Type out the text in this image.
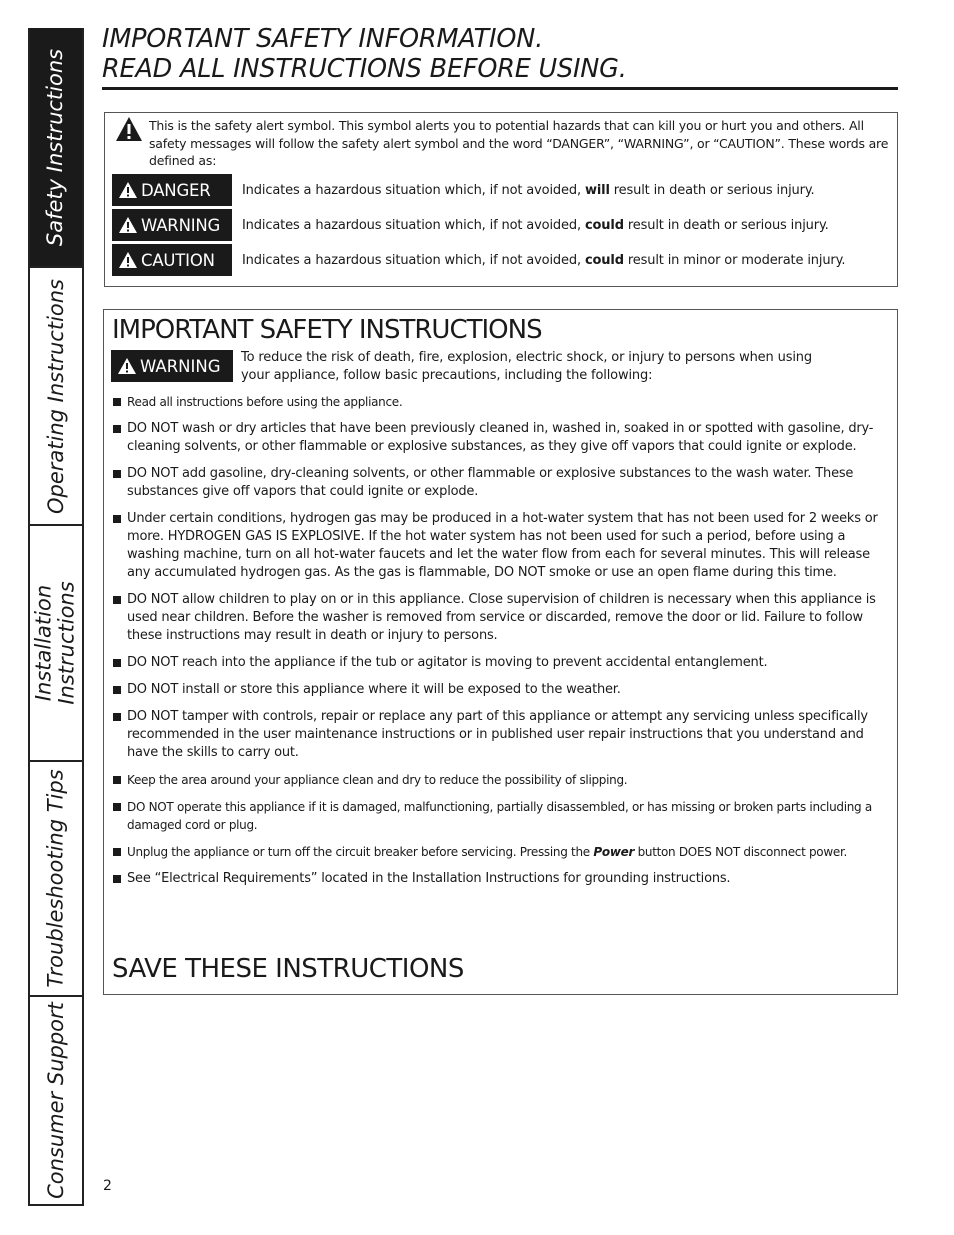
Safety Instructions
Operating Instructions
Installation Instructions
Troubleshooting Tips
Consumer Support
IMPORTANT SAFETY INFORMATION.
READ ALL INSTRUCTIONS BEFORE USING.
This is the safety alert symbol. This symbol alerts you to potential hazards that can kill you or hurt you and others. All safety messages will follow the safety alert symbol and the word “DANGER”, “WARNING”, or “CAUTION”. These words are defined as:
DANGER Indicates a hazardous situation which, if not avoided, will result in death or serious injury.
WARNING Indicates a hazardous situation which, if not avoided, could result in death or serious injury.
CAUTION Indicates a hazardous situation which, if not avoided, could result in minor or moderate injury.
IMPORTANT SAFETY INSTRUCTIONS
WARNING To reduce the risk of death, fire, explosion, electric shock, or injury to persons when using your appliance, follow basic precautions, including the following:
Read all instructions before using the appliance.
DO NOT wash or dry articles that have been previously cleaned in, washed in, soaked in or spotted with gasoline, dry-cleaning solvents, or other flammable or explosive substances, as they give off vapors that could ignite or explode.
DO NOT add gasoline, dry-cleaning solvents, or other flammable or explosive substances to the wash water. These substances give off vapors that could ignite or explode.
Under certain conditions, hydrogen gas may be produced in a hot-water system that has not been used for 2 weeks or more. HYDROGEN GAS IS EXPLOSIVE. If the hot water system has not been used for such a period, before using a washing machine, turn on all hot-water faucets and let the water flow from each for several minutes. This will release any accumulated hydrogen gas. As the gas is flammable, DO NOT smoke or use an open flame during this time.
DO NOT allow children to play on or in this appliance. Close supervision of children is necessary when this appliance is used near children. Before the washer is removed from service or discarded, remove the door or lid. Failure to follow these instructions may result in death or injury to persons.
DO NOT reach into the appliance if the tub or agitator is moving to prevent accidental entanglement.
DO NOT install or store this appliance where it will be exposed to the weather.
DO NOT tamper with controls, repair or replace any part of this appliance or attempt any servicing unless specifically recommended in the user maintenance instructions or in published user repair instructions that you understand and have the skills to carry out.
Keep the area around your appliance clean and dry to reduce the possibility of slipping.
DO NOT operate this appliance if it is damaged, malfunctioning, partially disassembled, or has missing or broken parts including a damaged cord or plug.
Unplug the appliance or turn off the circuit breaker before servicing. Pressing the Power button DOES NOT disconnect power.
See “Electrical Requirements” located in the Installation Instructions for grounding instructions.
SAVE THESE INSTRUCTIONS
2
